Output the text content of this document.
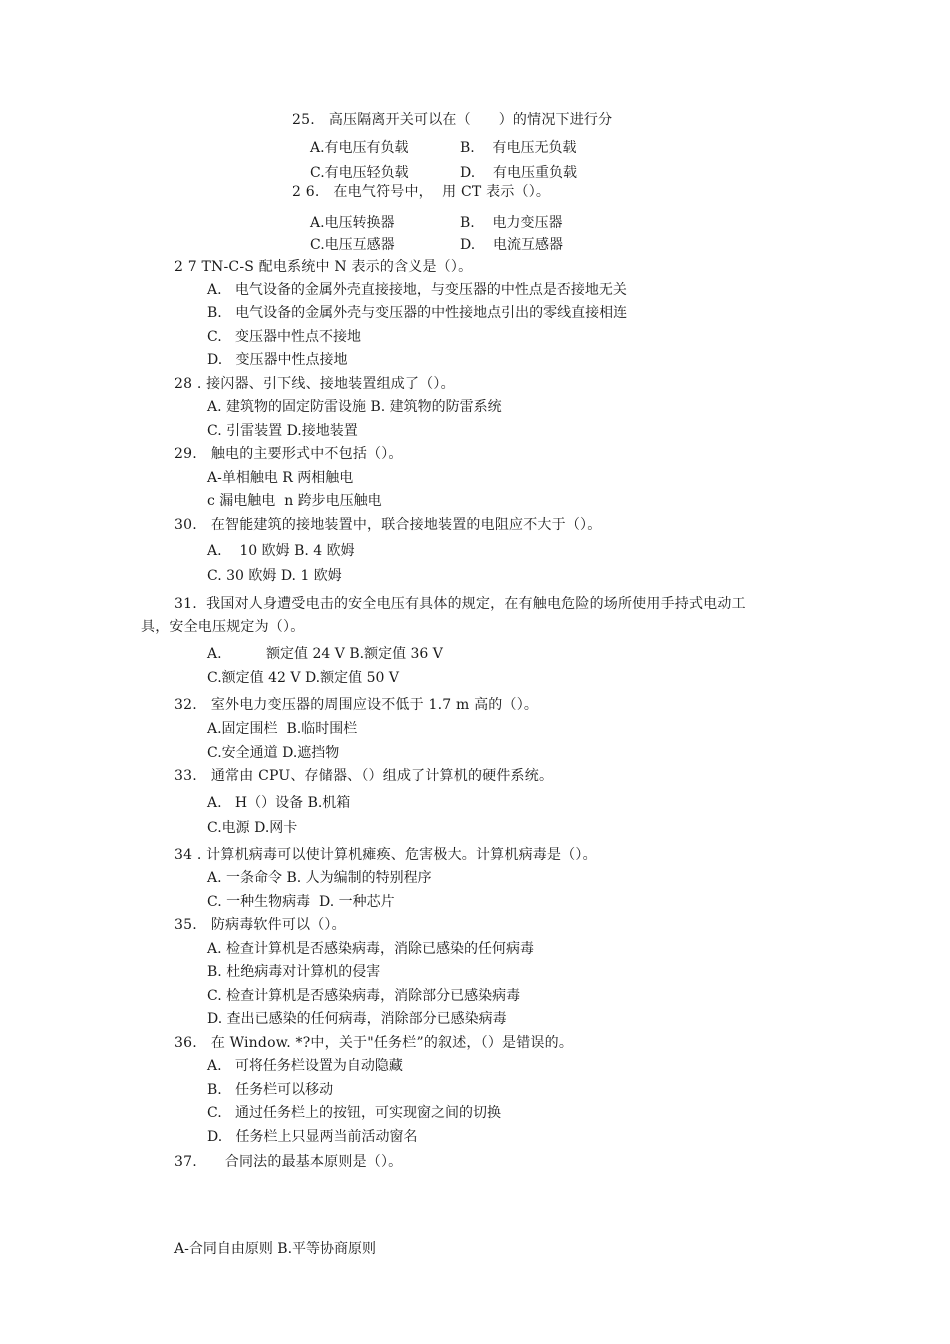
25.   高压隔离开关可以在（      ）的情况下进行分
A.有电压有负载	B.    有电压无负载
C.有电压轻负载	D.    有电压重负载
2 6.   在电气符号中，  用 CT 表示（）。
A.电压转换器	B.    电力变压器
C.电压互感器	D.    电流互感器
2 7 TN-C-S 配电系统中 N 表示的含义是（）。
A.   电气设备的金属外壳直接接地，与变压器的中性点是否接地无关
B.   电气设备的金属外壳与变压器的中性接地点引出的零线直接相连
C.   变压器中性点不接地
D.   变压器中性点接地
28 . 接闪器、引下线、接地装置组成了（）。
A. 建筑物的固定防雷设施 B. 建筑物的防雷系统
C. 引雷装置 D.接地装置
29.   触电的主要形式中不包括（）。
A-单相触电 R 两相触电
c 漏电触电  n 跨步电压触电
30.   在智能建筑的接地装置中，联合接地装置的电阻应不大于（）。
A.    10 欧姆 B. 4 欧姆
C. 30 欧姆 D. 1 欧姆
31.  我国对人身遭受电击的安全电压有具体的规定，在有触电危险的场所使用手持式电动工
具，安全电压规定为（）。
A.          额定值 24 V B.额定值 36 V
C.额定值 42 V D.额定值 50 V
32.   室外电力变压器的周围应设不低于 1.7 m 高的（）。
A.固定围栏  B.临时围栏
C.安全通道 D.遮挡物
33.   通常由 CPU、存储器、（）组成了计算机的硬件系统。
A.   H（）设备 B.机箱
C.电源 D.网卡
34 . 计算机病毒可以使计算机瘫痪、危害极大。计算机病毒是（）。
A. 一条命令 B. 人为编制的特别程序
C. 一种生物病毒  D. 一种芯片
35.   防病毒软件可以（）。
A. 检查计算机是否感染病毒，消除已感染的任何病毒
B. 杜绝病毒对计算机的侵害
C. 检查计算机是否感染病毒，消除部分已感染病毒
D. 查出已感染的任何病毒，消除部分已感染病毒
36.   在 Window. *?中，关于"任务栏”的叙述，（）是错误的。
A.   可将任务栏设置为自动隐藏
B.   任务栏可以移动
C.   通过任务栏上的按钮，可实现窗之间的切换
D.   任务栏上只显两当前活动窗名
37.      合同法的最基本原则是（）。
A-合同自由原则 B.平等协商原则
